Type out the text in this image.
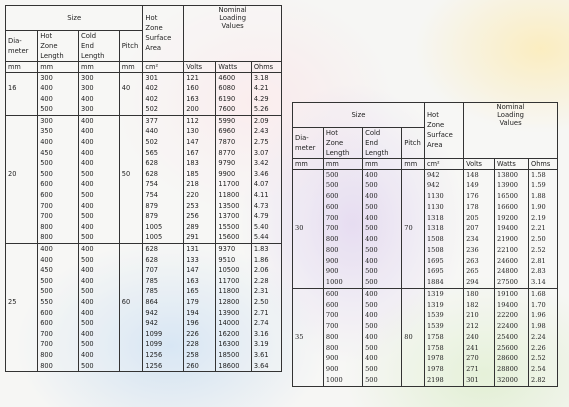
Size				Hot
Zone
Surface
Area	Nominal
Loading
Values		
Dia-
meter	Hot
Zone
Length	Cold
End
Length	Pitch				
mm	mm	mm	mm	cm²	Volts	Watts	Ohms
	300	300		301	121	4600	3.18
16	400	300	40	402	160	6080	4.21
	400	400		402	163	6190	4.29
	500	300		502	200	7600	5.26
	300	400		377	112	5990	2.09
	350	400		440	130	6960	2.43
	400	400		502	147	7870	2.75
	450	400		565	167	8770	3.07
	500	400		628	183	9790	3.42
20	500	500	50	628	185	9900	3.46
	600	400		754	218	11700	4.07
	600	500		754	220	11800	4.11
	700	400		879	253	13500	4.73
	700	500		879	256	13700	4.79
	800	400		1005	289	15500	5.40
	800	500		1005	291	15600	5.44
	400	400		628	131	9370	1.83
	400	500		628	133	9510	1.86
	450	400		707	147	10500	2.06
	500	400		785	163	11700	2.28
	500	500		785	165	11800	2.31
25	550	400	60	864	179	12800	2.50
	600	400		942	194	13900	2.71
	600	500		942	196	14000	2.74
	700	400		1099	226	16200	3.16
	700	500		1099	228	16300	3.19
	800	400		1256	258	18500	3.61
	800	500		1256	260	18600	3.64
Size				Hot
Zone
Surface
Area	Nominal
Loading
Values		
Dia-
meter	Hot
Zone
Length	Cold
End
Length	Pitch				
mm	mm	mm	mm	cm²	Volts	Watts	Ohms
	500	400		942	148	13800	1.58
	500	500		942	149	13900	1.59
	600	400		1130	176	16500	1.88
	600	500		1130	178	16600	1.90
	700	400		1318	205	19200	2.19
30	700	500	70	1318	207	19400	2.21
	800	400		1508	234	21900	2.50
	800	500		1508	236	22100	2.52
	900	400		1695	263	24600	2.81
	900	500		1695	265	24800	2.83
	1000	500		1884	294	27500	3.14
	600	400		1319	180	19100	1.68
	600	500		1319	182	19400	1.70
	700	400		1539	210	22200	1.96
	700	500		1539	212	22400	1.98
35	800	400	80	1758	240	25400	2.24
	800	500		1758	241	25600	2.26
	900	400		1978	270	28600	2.52
	900	500		1978	271	28800	2.54
	1000	500		2198	301	32000	2.82
